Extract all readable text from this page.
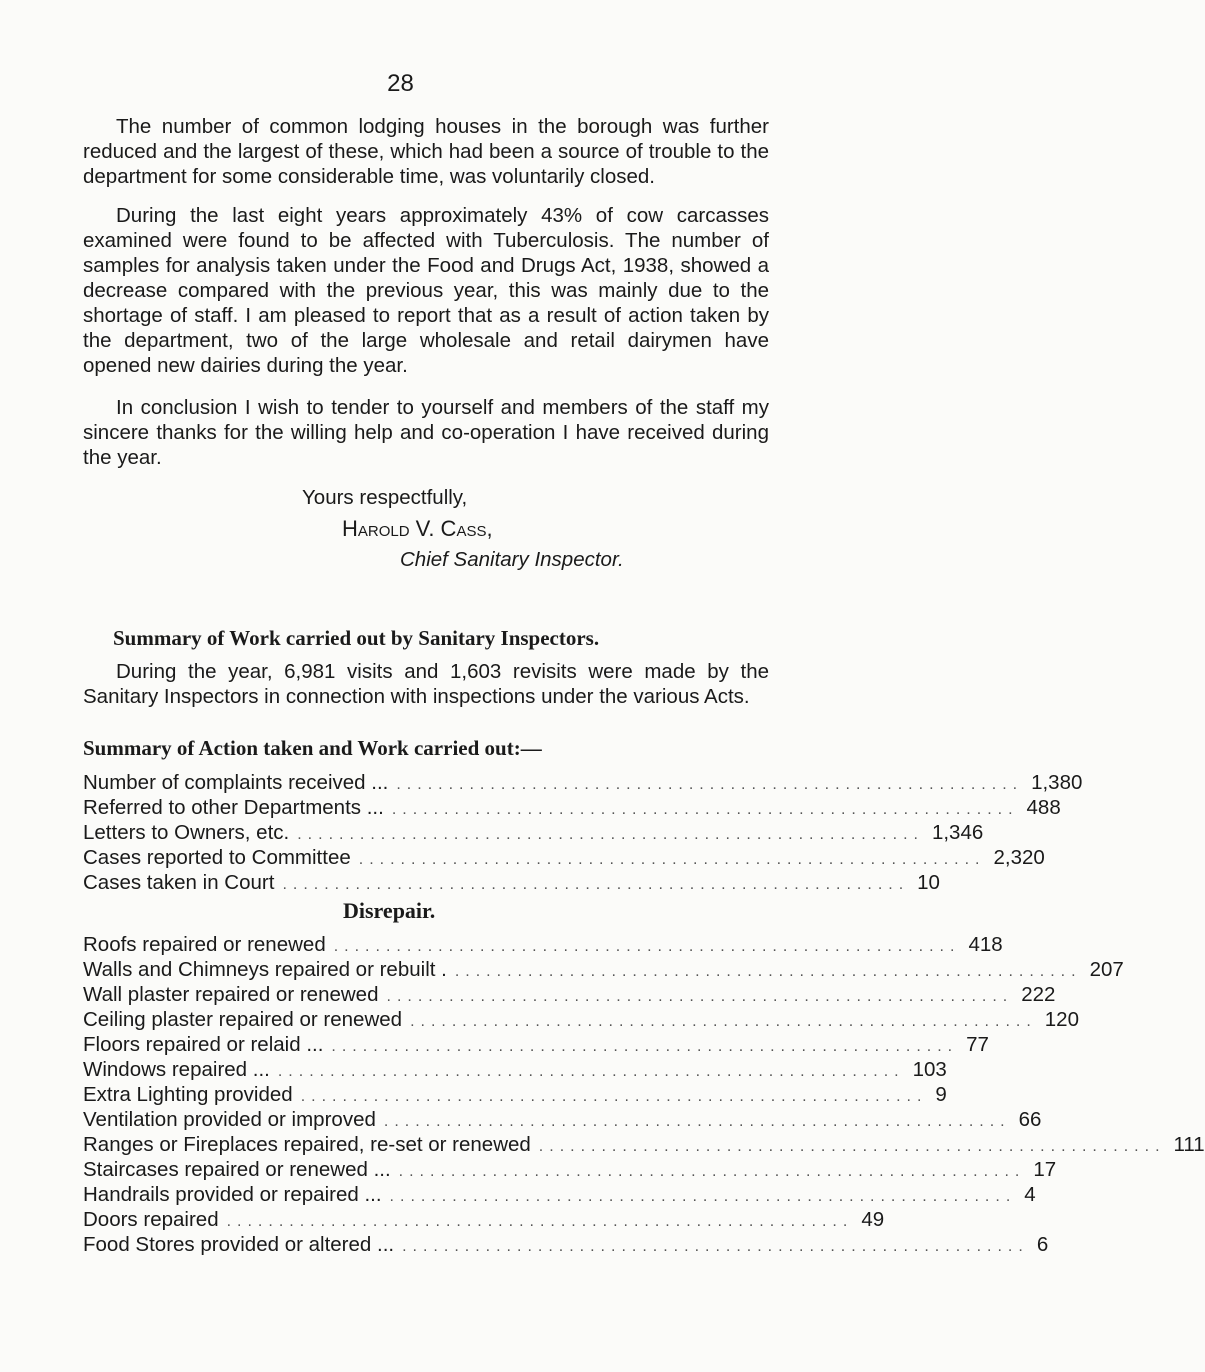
28

The number of common lodging houses in the borough was further reduced and the largest of these, which had been a source of trouble to the department for some considerable time, was voluntarily closed.

During the last eight years approximately 43% of cow carcasses examined were found to be affected with Tuberculosis. The number of samples for analysis taken under the Food and Drugs Act, 1938, showed a decrease compared with the previous year, this was mainly due to the shortage of staff. I am pleased to report that as a result of action taken by the department, two of the large wholesale and retail dairymen have opened new dairies during the year.

In conclusion I wish to tender to yourself and members of the staff my sincere thanks for the willing help and co-operation I have received during the year.

Yours respectfully,
Harold V. Cass,
Chief Sanitary Inspector.
Summary of Work carried out by Sanitary Inspectors.

During the year, 6,981 visits and 1,603 revisits were made by the Sanitary Inspectors in connection with inspections under the various Acts.

Summary of Action taken and Work carried out:—
Number of complaints received ... ............................................................ 1,380
Referred to other Departments ... ............................................................ 488
Letters to Owners, etc. ............................................................ 1,346
Cases reported to Committee ............................................................ 2,320
Cases taken in Court ............................................................ 10
Disrepair.
Roofs repaired or renewed ............................................................ 418
Walls and Chimneys repaired or rebuilt . ............................................................ 207
Wall plaster repaired or renewed ............................................................ 222
Ceiling plaster repaired or renewed ............................................................ 120
Floors repaired or relaid ... ............................................................ 77
Windows repaired ... ............................................................ 103
Extra Lighting provided ............................................................ 9
Ventilation provided or improved ............................................................ 66
Ranges or Fireplaces repaired, re-set or renewed ............................................................ 111
Staircases repaired or renewed ... ............................................................ 17
Handrails provided or repaired ... ............................................................ 4
Doors repaired ............................................................ 49
Food Stores provided or altered ... ............................................................ 6
